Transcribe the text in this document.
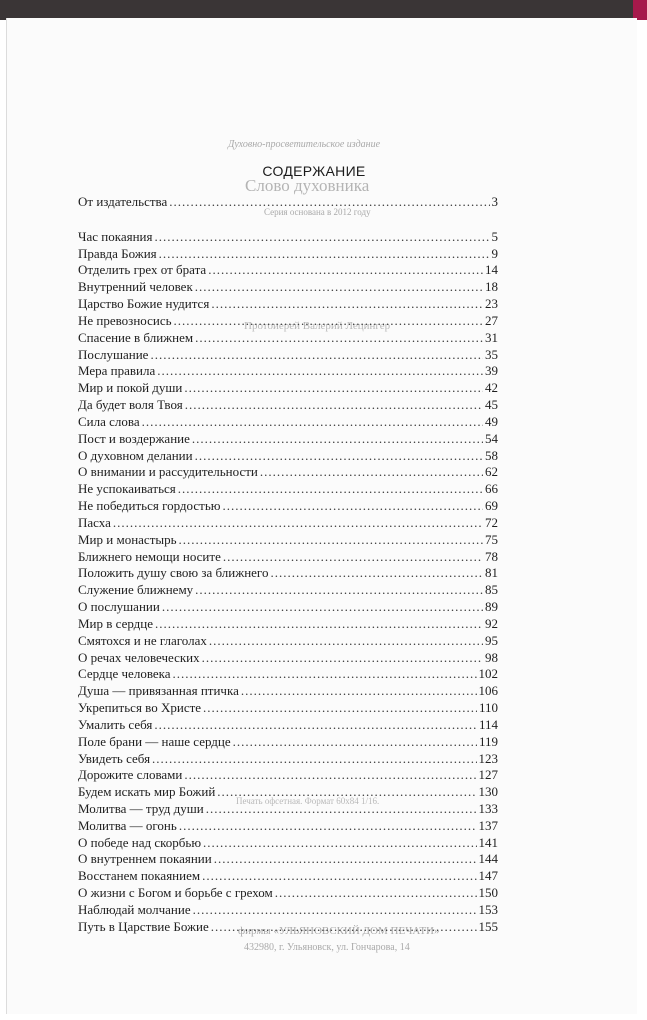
Духовно-просветительское издание
Слово духовника
Серия основана в 2012 году
Протоиерей Валерий Лецингер
Печать офсетная. Формат 60х84 1/16.
фирмы «УЛЬЯНОВСКИЙ ДОМ ПЕЧАТИ»
432980, г. Ульяновск, ул. Гончарова, 14
СОДЕРЖАНИЕ
От издательства .....	3
Час покаяния .....	5
Правда Божия .....	9
Отделить грех от брата .....	14
Внутренний человек .....	18
Царство Божие нудится .....	23
Не превозносись .....	27
Спасение в ближнем .....	31
Послушание .....	35
Мера правила .....	39
Мир и покой души .....	42
Да будет воля Твоя .....	45
Сила слова .....	49
Пост и воздержание .....	54
О духовном делании .....	58
О внимании и рассудительности .....	62
Не успокаиваться .....	66
Не победиться гордостью .....	69
Пасха .....	72
Мир и монастырь .....	75
Ближнего немощи носите .....	78
Положить душу свою за ближнего .....	81
Служение ближнему .....	85
О послушании .....	89
Мир в сердце .....	92
Смятохся и не глаголах .....	95
О речах человеческих .....	98
Сердце человека .....	102
Душа — привязанная птичка .....	106
Укрепиться во Христе .....	110
Умалить себя .....	114
Поле брани — наше сердце .....	119
Увидеть себя .....	123
Дорожите словами .....	127
Будем искать мир Божий .....	130
Молитва — труд души .....	133
Молитва — огонь .....	137
О победе над скорбью .....	141
О внутреннем покаянии .....	144
Восстанем покаянием .....	147
О жизни с Богом и борьбе с грехом .....	150
Наблюдай молчание .....	153
Путь в Царствие Божие .....	155
